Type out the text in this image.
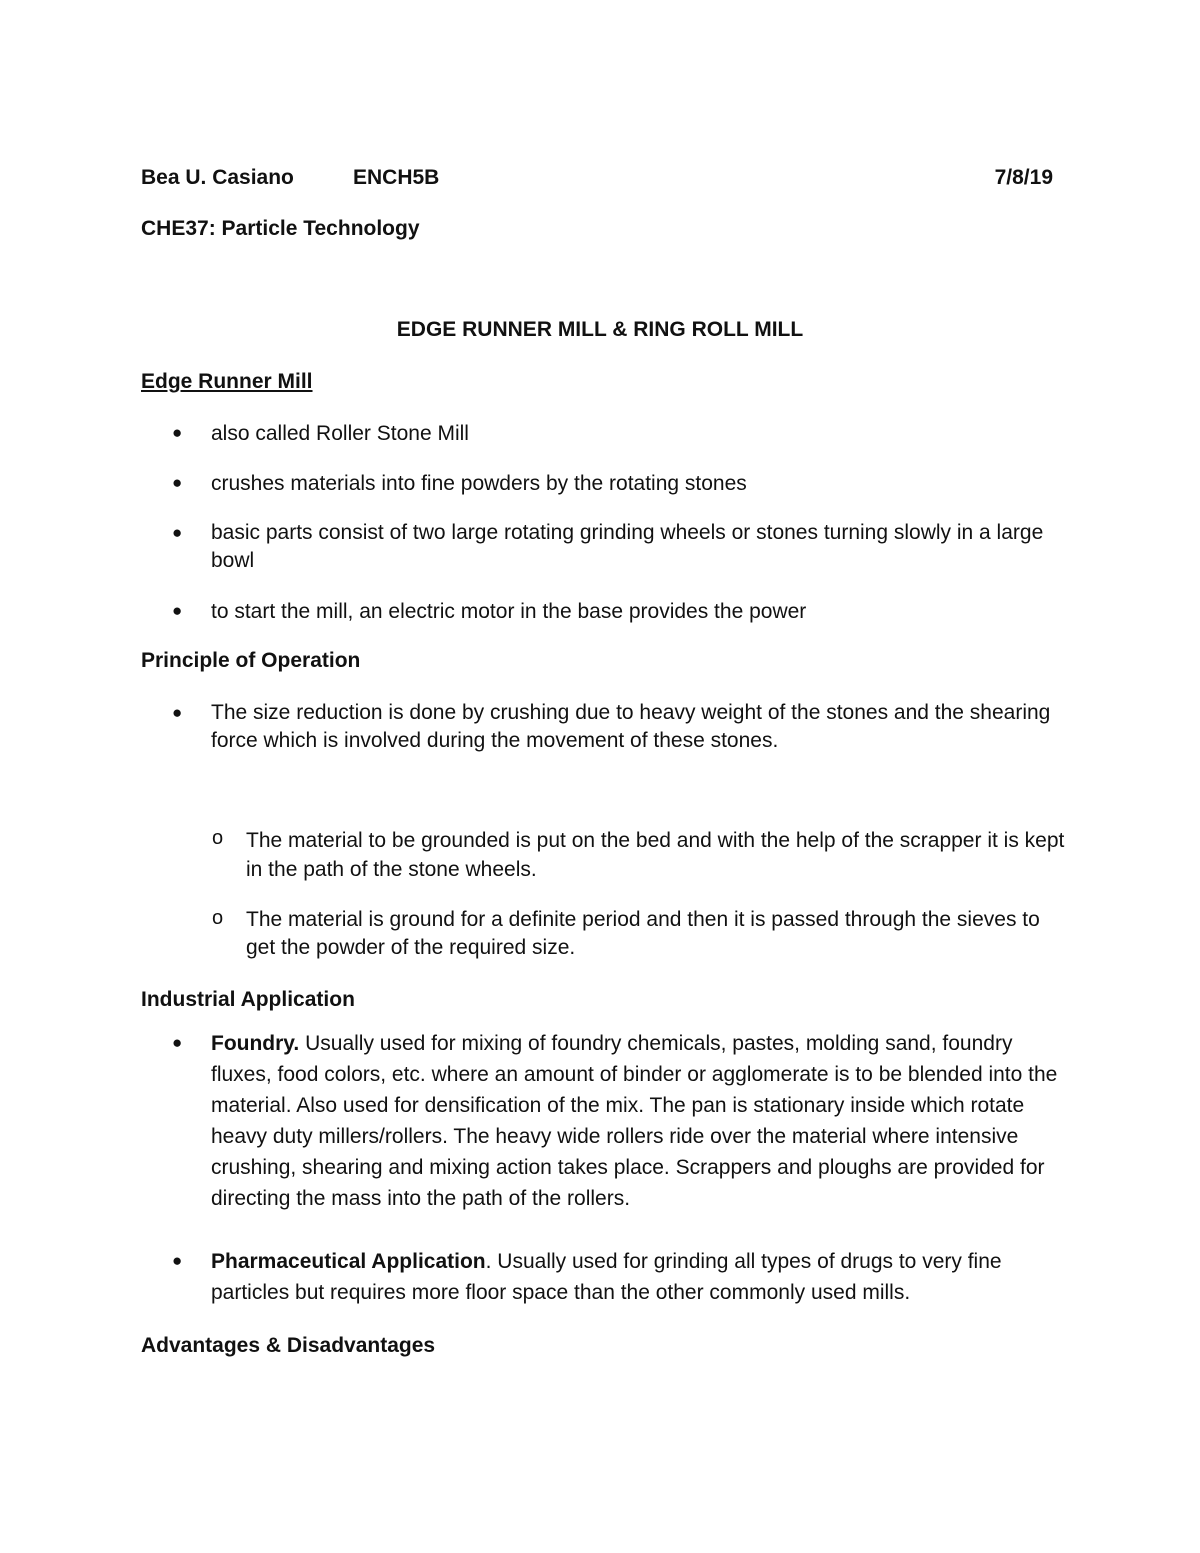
Bea U. Casiano	ENCH5B	7/8/19
CHE37: Particle Technology
EDGE RUNNER MILL & RING ROLL MILL
Edge Runner Mill
● also called Roller Stone Mill
● crushes materials into fine powders by the rotating stones
● basic parts consist of two large rotating grinding wheels or stones turning slowly in a large bowl
● to start the mill, an electric motor in the base provides the power
Principle of Operation
● The size reduction is done by crushing due to heavy weight of the stones and the shearing force which is involved during the movement of these stones.
o The material to be grounded is put on the bed and with the help of the scrapper it is kept in the path of the stone wheels.
o The material is ground for a definite period and then it is passed through the sieves to get the powder of the required size.
Industrial Application
● Foundry. Usually used for mixing of foundry chemicals, pastes, molding sand, foundry fluxes, food colors, etc. where an amount of binder or agglomerate is to be blended into the material. Also used for densification of the mix. The pan is stationary inside which rotate heavy duty millers/rollers. The heavy wide rollers ride over the material where intensive crushing, shearing and mixing action takes place. Scrappers and ploughs are provided for directing the mass into the path of the rollers.
● Pharmaceutical Application. Usually used for grinding all types of drugs to very fine particles but requires more floor space than the other commonly used mills.
Advantages & Disadvantages
